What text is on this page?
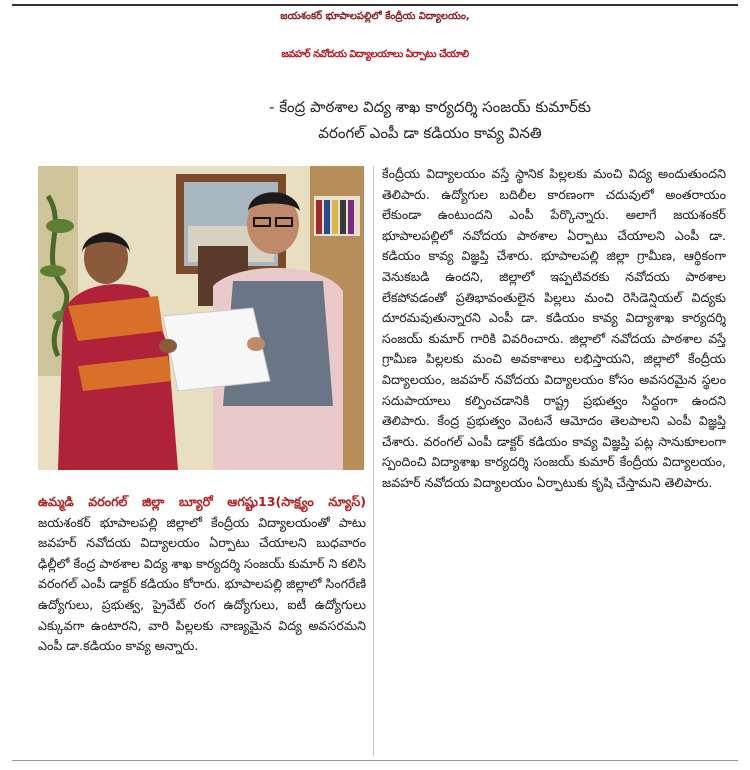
జయశంకర్ భూపాలపల్లిలో కేంద్రీయ విద్యాలయం,
జవహర్ నవోదయ విద్యాలయాలు ఏర్పాటు చేయాలి
- కేంద్ర పాఠశాల విద్య శాఖ కార్యదర్శి సంజయ్ కుమార్‌కు
వరంగల్ ఎంపీ డా కడియం కావ్య వినతి
ఉమ్మడి వరంగల్ జిల్లా బ్యూరో ఆగష్టు13(సాక్ష్యం న్యూస్) జయశంకర్ భూపాలపల్లి జిల్లాలో కేంద్రీయ విద్యాలయంతో పాటు జవహర్ నవోదయ విద్యాలయం ఏర్పాటు చేయాలని బుధవారం ఢిల్లీలో కేంద్ర పాఠశాల విద్య శాఖ కార్యదర్శి సంజయ్ కుమార్ ని కలిసి వరంగల్ ఎంపీ డాక్టర్ కడియం కోరారు. భూపాలపల్లి జిల్లాలో సింగరేణి ఉద్యోగులు, ప్రభుత్వ, ప్రైవేట్ రంగ ఉద్యోగులు, ఐటీ ఉద్యోగులు ఎక్కువగా ఉంటారని, వారి పిల్లలకు నాణ్యమైన విద్య అవసరమని ఎంపీ డా.కడియం కావ్య అన్నారు.
కేంద్రీయ విద్యాలయం వస్తే స్థానిక పిల్లలకు మంచి విద్య అందుతుందని తెలిపారు. ఉద్యోగుల బదిలీల కారణంగా చదువులో అంతరాయం లేకుండా ఉంటుందని ఎంపీ పేర్కొన్నారు. అలాగే జయశంకర్ భూపాలపల్లిలో నవోదయ పాఠశాల ఏర్పాటు చేయాలని ఎంపీ డా. కడియం కావ్య విజ్ఞప్తి చేశారు. భూపాలపల్లి జిల్లా గ్రామీణ, ఆర్థికంగా వెనుకబడి ఉందని, జిల్లాలో ఇప్పటివరకు నవోదయ పాఠశాల లేకపోవడంతో ప్రతిభావంతులైన పిల్లలు మంచి రెసిడెన్షియల్ విద్యకు దూరమవుతున్నారని ఎంపీ డా. కడియం కావ్య విద్యాశాఖ కార్యదర్శి సంజయ్ కుమార్ గారికి వివరించారు. జిల్లాలో నవోదయ పాఠశాల వస్తే గ్రామీణ పిల్లలకు మంచి అవకాశాలు లభిస్తాయని, జిల్లాలో కేంద్రీయ విద్యాలయం, జవహర్ నవోదయ విద్యాలయం కోసం అవసరమైన స్థలం సదుపాయాలు కల్పించడానికి రాష్ట్ర ప్రభుత్వం సిద్ధంగా ఉందని తెలిపారు. కేంద్ర ప్రభుత్వం వెంటనే ఆమోదం తెలపాలని ఎంపీ విజ్ఞప్తి చేశారు. వరంగల్ ఎంపీ డాక్టర్ కడియం కావ్య విజ్ఞప్తి పట్ల సానుకూలంగా స్పందించి విద్యాశాఖ కార్యదర్శి సంజయ్ కుమార్ కేంద్రీయ విద్యాలయం, జవహర్ నవోదయ విద్యాలయం ఏర్పాటుకు కృషి చేస్తామని తెలిపారు.
